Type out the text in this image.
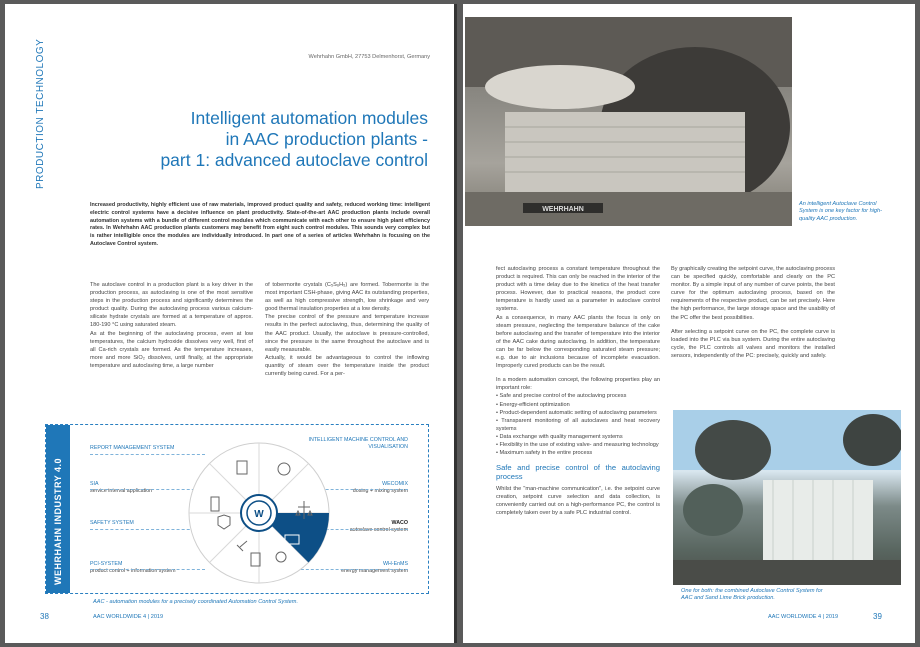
PRODUCTION TECHNOLOGY	Wehrhahn GmbH, 27753 Delmenhorst, Germany
Intelligent automation modules
in AAC production plants -
part 1: advanced autoclave control
Increased productivity, highly efficient use of raw materials, improved product quality and safety, reduced working time: intelligent electric control systems have a decisive influence on plant productivity. State-of-the-art AAC production plants include overall automation systems with a bundle of different control modules which communicate with each other to ensure high plant efficiency rates. In Wehrhahn AAC production plants customers may benefit from eight such control modules. This sounds very complex but is rather intelligible once the modules are individually introduced. In part one of a series of articles Wehrhahn is focusing on the Autoclave Control system.

The autoclave control in a production plant is a key driver in the production process, as autoclaving is one of the most sensitive steps in the production process and significantly determines the product quality. During the autoclaving process various calcium-silicate hydrate crystals are formed at a temperature of approx. 180-190 °C using saturated steam.

As at the beginning of the autoclaving process, even at low temperatures, the calcium hydroxide dissolves very well, first of all Ca-rich crystals are formed. As the temperature increases, more and more SiO₂ dissolves, until finally, at the appropriate temperature and autoclaving time, a large number

of tobermorite crystals (C₅S₆H₅) are formed. Tobermorite is the most important CSH-phase, giving AAC its outstanding properties, as well as high compressive strength, low shrinkage and very good thermal insulation properties at a low density.

The precise control of the pressure and temperature increase results in the perfect autoclaving, thus, determining the quality of the AAC product. Usually, the autoclave is pressure-controlled, since the pressure is the same throughout the autoclave and is easily measurable.

Actually, it would be advantageous to control the inflowing quantity of steam over the temperature inside the product currently being cured. For a per-

WEHRHAHN INDUSTRY 4.0
REPORT MANAGEMENT SYSTEM
SIA
service interval application
SAFETY SYSTEM
PCI-SYSTEM
product control + information system
INTELLIGENT MACHINE CONTROL AND VISUALISATION
WECOMIX
dosing + mixing system
WACO
autoclave control system
WH-EnMS
energy management system
W
AAC - automation modules for a precisely coordinated Automation Control System.
38	AAC WORLDWIDE 4 | 2019
WEHRHAHN
An intelligent Autoclave Control System is one key factor for high-quality AAC production.

fect autoclaving process a constant temperature throughout the product is required. This can only be reached in the interior of the product with a time delay due to the kinetics of the heat transfer process. However, due to practical reasons, the product core temperature is hardly used as a parameter in autoclave control systems.

As a consequence, in many AAC plants the focus is only on steam pressure, neglecting the temperature balance of the cake before autoclaving and the transfer of temperature into the interior of the AAC cake during autoclaving. In addition, the temperature can be far below the corresponding saturated steam pressure; e.g. due to air inclusions because of incomplete evacuation. Improperly cured products can be the result.

In a modern automation concept, the following properties play an important role:

• Safe and precise control of the autoclaving process
• Energy-efficient optimization
• Product-dependent automatic setting of autoclaving parameters
• Transparent monitoring of all autoclaves and heat recovery systems
• Data exchange with quality management systems
• Flexibility in the use of existing valve- and measuring technology
• Maximum safety in the entire process
Safe and precise control of the autoclaving process

Whilst the "man-machine communication", i.e. the setpoint curve creation, setpoint curve selection and data collection, is conveniently carried out on a high-performance PC, the control is completely taken over by a safe PLC industrial control.

By graphically creating the setpoint curve, the autoclaving process can be specified quickly, comfortable and clearly on the PC monitor. By a simple input of any number of curve points, the best curve for the optimum autoclaving process, based on the requirements of the respective product, can be set precisely. Here the high performance, the large storage space and the usability of the PC offer the best possibilities.

After selecting a setpoint curve on the PC, the complete curve is loaded into the PLC via bus system. During the entire autoclaving cycle, the PLC controls all valves and monitors the installed sensors, independently of the PC: precisely, quickly and safely.

One for both: the combined Autoclave Control System for AAC and Sand Lime Brick production.
AAC WORLDWIDE 4 | 2019	39
